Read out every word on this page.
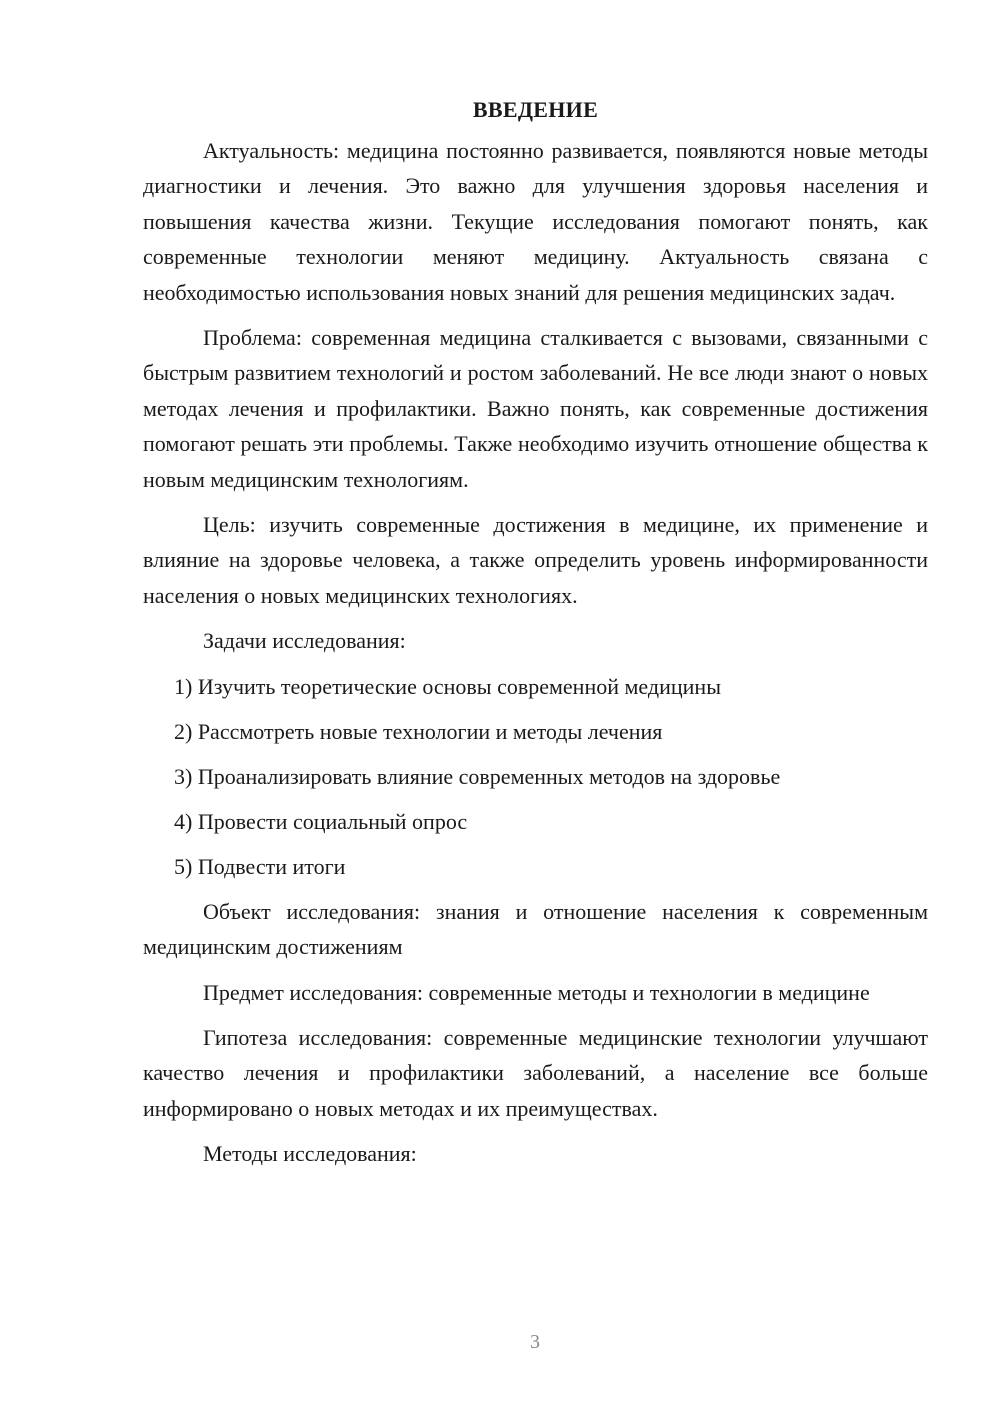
ВВЕДЕНИЕ

Актуальность: медицина постоянно развивается, появляются новые методы диагностики и лечения. Это важно для улучшения здоровья населения и повышения качества жизни. Текущие исследования помогают понять, как современные технологии меняют медицину. Актуальность связана с необходимостью использования новых знаний для решения медицинских задач.

Проблема: современная медицина сталкивается с вызовами, связанными с быстрым развитием технологий и ростом заболеваний. Не все люди знают о новых методах лечения и профилактики. Важно понять, как современные достижения помогают решать эти проблемы. Также необходимо изучить отношение общества к новым медицинским технологиям.

Цель: изучить современные достижения в медицине, их применение и влияние на здоровье человека, а также определить уровень информированности населения о новых медицинских технологиях.

Задачи исследования:

1) Изучить теоретические основы современной медицины
2) Рассмотреть новые технологии и методы лечения
3) Проанализировать влияние современных методов на здоровье
4) Провести социальный опрос
5) Подвести итоги

Объект исследования: знания и отношение населения к современным медицинским достижениям

Предмет исследования: современные методы и технологии в медицине

Гипотеза исследования: современные медицинские технологии улучшают качество лечения и профилактики заболеваний, а население все больше информировано о новых методах и их преимуществах.

Методы исследования:

3
